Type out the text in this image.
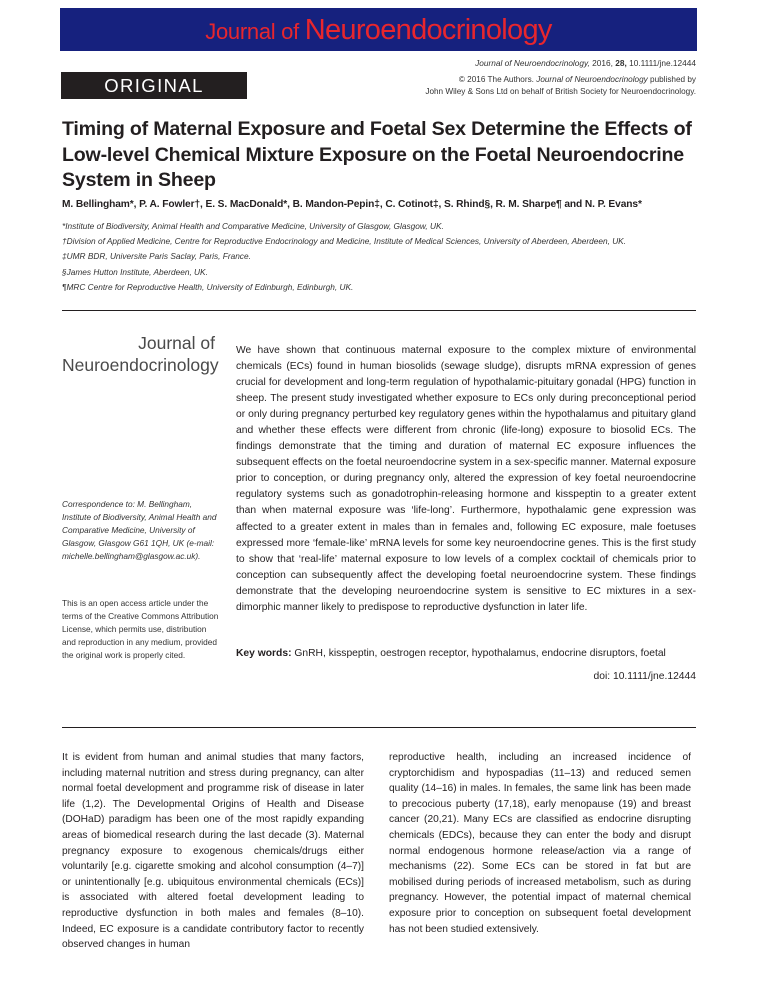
Journal of Neuroendocrinology
Journal of Neuroendocrinology, 2016, 28, 10.1111/jne.12444
ORIGINAL ARTICLE
© 2016 The Authors. Journal of Neuroendocrinology published by
John Wiley & Sons Ltd on behalf of British Society for Neuroendocrinology.
Timing of Maternal Exposure and Foetal Sex Determine the Effects of Low-level Chemical Mixture Exposure on the Foetal Neuroendocrine System in Sheep
M. Bellingham*, P. A. Fowler†, E. S. MacDonald*, B. Mandon-Pepin‡, C. Cotinot‡, S. Rhind§, R. M. Sharpe¶ and N. P. Evans*
*Institute of Biodiversity, Animal Health and Comparative Medicine, University of Glasgow, Glasgow, UK.
†Division of Applied Medicine, Centre for Reproductive Endocrinology and Medicine, Institute of Medical Sciences, University of Aberdeen, Aberdeen, UK.
‡UMR BDR, Universite Paris Saclay, Paris, France.
§James Hutton Institute, Aberdeen, UK.
¶MRC Centre for Reproductive Health, University of Edinburgh, Edinburgh, UK.
Journal of
Neuroendocrinology
Correspondence to: M. Bellingham, Institute of Biodiversity, Animal Health and Comparative Medicine, University of Glasgow, Glasgow G61 1QH, UK (e-mail: michelle.bellingham@glasgow.ac.uk).
This is an open access article under the terms of the Creative Commons Attribution License, which permits use, distribution and reproduction in any medium, provided the original work is properly cited.
We have shown that continuous maternal exposure to the complex mixture of environmental chemicals (ECs) found in human biosolids (sewage sludge), disrupts mRNA expression of genes crucial for development and long-term regulation of hypothalamic-pituitary gonadal (HPG) function in sheep. The present study investigated whether exposure to ECs only during preconceptional period or only during pregnancy perturbed key regulatory genes within the hypothalamus and pituitary gland and whether these effects were different from chronic (life-long) exposure to biosolid ECs. The findings demonstrate that the timing and duration of maternal EC exposure influences the subsequent effects on the foetal neuroendocrine system in a sex-specific manner. Maternal exposure prior to conception, or during pregnancy only, altered the expression of key foetal neuroendocrine regulatory systems such as gonadotrophin-releasing hormone and kisspeptin to a greater extent than when maternal exposure was ‘life-long’. Furthermore, hypothalamic gene expression was affected to a greater extent in males than in females and, following EC exposure, male foetuses expressed more ‘female-like’ mRNA levels for some key neuroendocrine genes. This is the first study to show that ‘real-life’ maternal exposure to low levels of a complex cocktail of chemicals prior to conception can subsequently affect the developing foetal neuroendocrine system. These findings demonstrate that the developing neuroendocrine system is sensitive to EC mixtures in a sex-dimorphic manner likely to predispose to reproductive dysfunction in later life.
Key words: GnRH, kisspeptin, oestrogen receptor, hypothalamus, endocrine disruptors, foetal
doi: 10.1111/jne.12444
It is evident from human and animal studies that many factors, including maternal nutrition and stress during pregnancy, can alter normal foetal development and programme risk of disease in later life (1,2). The Developmental Origins of Health and Disease (DOHaD) paradigm has been one of the most rapidly expanding areas of biomedical research during the last decade (3). Maternal pregnancy exposure to exogenous chemicals/drugs either voluntarily [e.g. cigarette smoking and alcohol consumption (4–7)] or unintentionally [e.g. ubiquitous environmental chemicals (ECs)] is associated with altered foetal development leading to reproductive dysfunction in both males and females (8–10). Indeed, EC exposure is a candidate contributory factor to recently observed changes in human
reproductive health, including an increased incidence of cryptorchidism and hypospadias (11–13) and reduced semen quality (14–16) in males. In females, the same link has been made to precocious puberty (17,18), early menopause (19) and breast cancer (20,21). Many ECs are classified as endocrine disrupting chemicals (EDCs), because they can enter the body and disrupt normal endogenous hormone release/action via a range of mechanisms (22). Some ECs can be stored in fat but are mobilised during periods of increased metabolism, such as during pregnancy. However, the potential impact of maternal chemical exposure prior to conception on subsequent foetal development has not been studied extensively.
